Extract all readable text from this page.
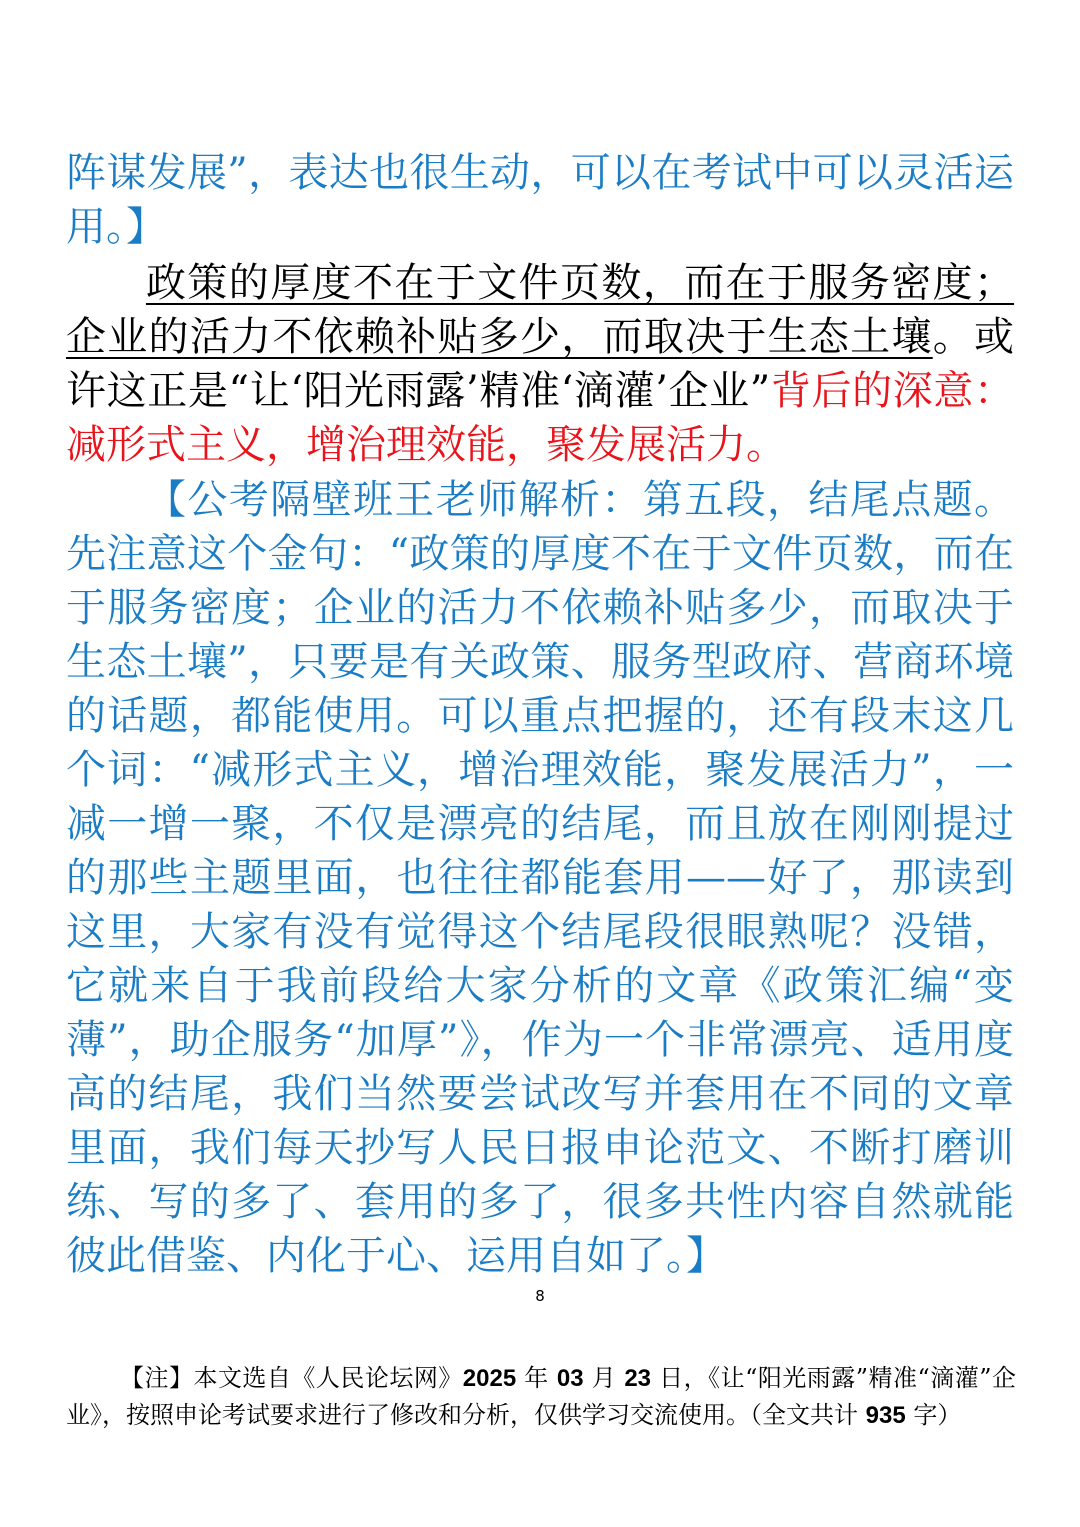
阵谋发展”，表达也很生动，可以在考试中可以灵活运用。】

政策的厚度不在于文件页数，而在于服务密度；企业的活力不依赖补贴多少，而取决于生态土壤。或许这正是“让‘阳光雨露’精准‘滴灌’企业”背后的深意：减形式主义，增治理效能，聚发展活力。

【公考隔壁班王老师解析：第五段，结尾点题。先注意这个金句：“政策的厚度不在于文件页数，而在于服务密度；企业的活力不依赖补贴多少，而取决于生态土壤”，只要是有关政策、服务型政府、营商环境的话题，都能使用。可以重点把握的，还有段末这几个词：“减形式主义，增治理效能，聚发展活力”，一减一增一聚，不仅是漂亮的结尾，而且放在刚刚提过的那些主题里面，也往往都能套用——好了，那读到这里，大家有没有觉得这个结尾段很眼熟呢？没错，它就来自于我前段给大家分析的文章《政策汇编“变薄”，助企服务“加厚”》，作为一个非常漂亮、适用度高的结尾，我们当然要尝试改写并套用在不同的文章里面，我们每天抄写人民日报申论范文、不断打磨训练、写的多了、套用的多了，很多共性内容自然就能彼此借鉴、内化于心、运用自如了。】

8

【注】本文选自《人民论坛网》2025 年 03 月 23 日，《让“阳光雨露”精准“滴灌”企业》，按照申论考试要求进行了修改和分析，仅供学习交流使用。（全文共计 935 字）
